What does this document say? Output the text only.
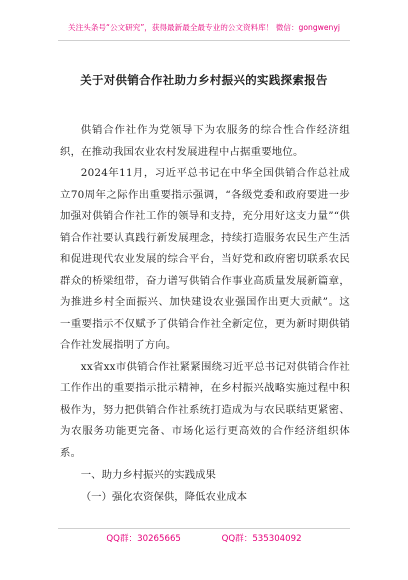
关注头条号“公文研究”，获得最新最全最专业的公文资料库！ 微信：gongwenyj
关于对供销合作社助力乡村振兴的实践探索报告

供销合作社作为党领导下为农服务的综合性合作经济组织，在推动我国农业农村发展进程中占据重要地位。

2024年11月，习近平总书记在中华全国供销合作总社成立70周年之际作出重要指示强调，“各级党委和政府要进一步加强对供销合作社工作的领导和支持，充分用好这支力量”“供销合作社要认真践行新发展理念，持续打造服务农民生产生活和促进现代农业发展的综合平台，当好党和政府密切联系农民群众的桥梁纽带，奋力谱写供销合作事业高质量发展新篇章，为推进乡村全面振兴、加快建设农业强国作出更大贡献”。这一重要指示不仅赋予了供销合作社全新定位，更为新时期供销合作社发展指明了方向。

xx省xx市供销合作社紧紧围绕习近平总书记对供销合作社工作作出的重要指示批示精神，在乡村振兴战略实施过程中积极作为，努力把供销合作社系统打造成为与农民联结更紧密、为农服务功能更完备、市场化运行更高效的合作经济组织体系。

一、助力乡村振兴的实践成果

（一）强化农资保供，降低农业成本

QQ群：30265665	QQ群：535304092
